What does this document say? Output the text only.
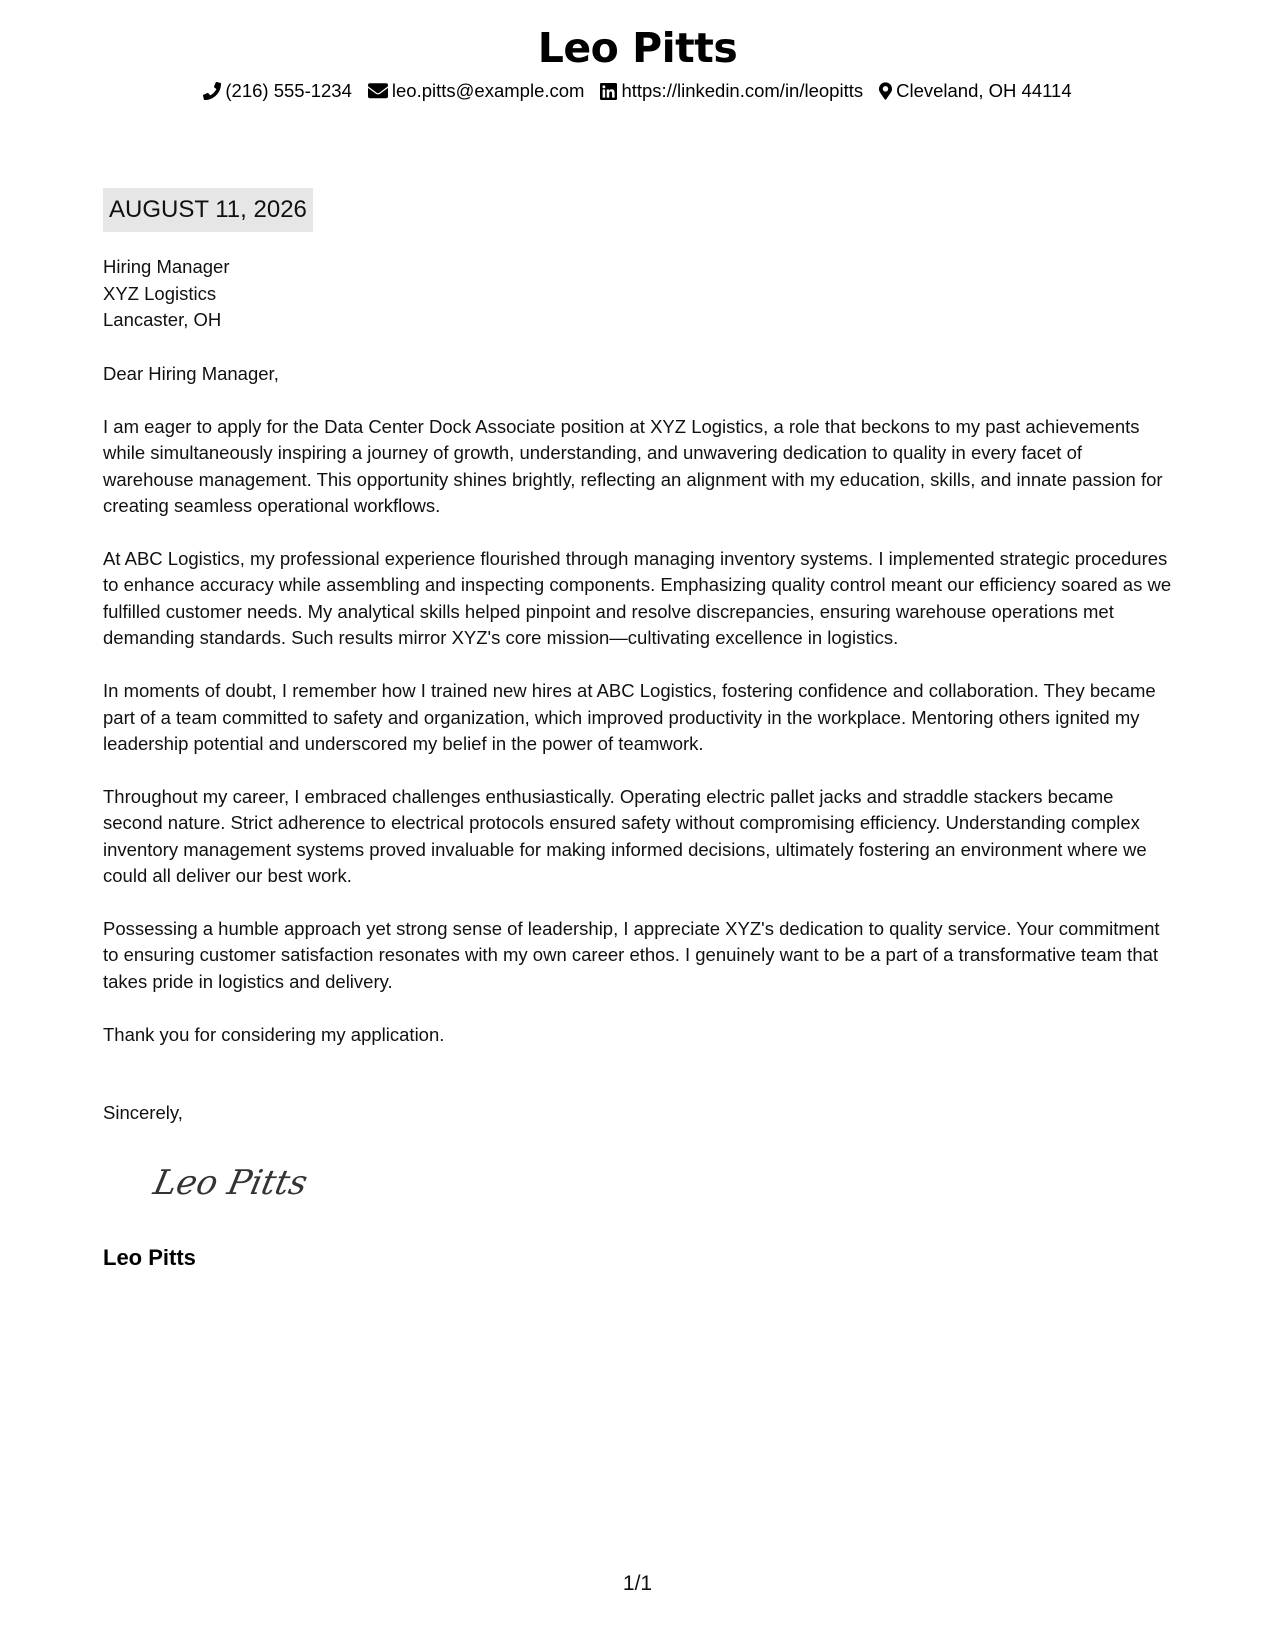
Leo Pitts
(216) 555-1234 leo.pitts@example.com https://linkedin.com/in/leopitts Cleveland, OH 44114
AUGUST 11, 2026
Hiring Manager
XYZ Logistics
Lancaster, OH

Dear Hiring Manager,

I am eager to apply for the Data Center Dock Associate position at XYZ Logistics, a role that beckons to my past achievements while simultaneously inspiring a journey of growth, understanding, and unwavering dedication to quality in every facet of warehouse management. This opportunity shines brightly, reflecting an alignment with my education, skills, and innate passion for creating seamless operational workflows.

At ABC Logistics, my professional experience flourished through managing inventory systems. I implemented strategic procedures to enhance accuracy while assembling and inspecting components. Emphasizing quality control meant our efficiency soared as we fulfilled customer needs. My analytical skills helped pinpoint and resolve discrepancies, ensuring warehouse operations met demanding standards. Such results mirror XYZ's core mission—cultivating excellence in logistics.

In moments of doubt, I remember how I trained new hires at ABC Logistics, fostering confidence and collaboration. They became part of a team committed to safety and organization, which improved productivity in the workplace. Mentoring others ignited my leadership potential and underscored my belief in the power of teamwork.

Throughout my career, I embraced challenges enthusiastically. Operating electric pallet jacks and straddle stackers became second nature. Strict adherence to electrical protocols ensured safety without compromising efficiency. Understanding complex inventory management systems proved invaluable for making informed decisions, ultimately fostering an environment where we could all deliver our best work.

Possessing a humble approach yet strong sense of leadership, I appreciate XYZ's dedication to quality service. Your commitment to ensuring customer satisfaction resonates with my own career ethos. I genuinely want to be a part of a transformative team that takes pride in logistics and delivery.

Thank you for considering my application.

Sincerely,
Leo Pitts
Leo Pitts
1/1
